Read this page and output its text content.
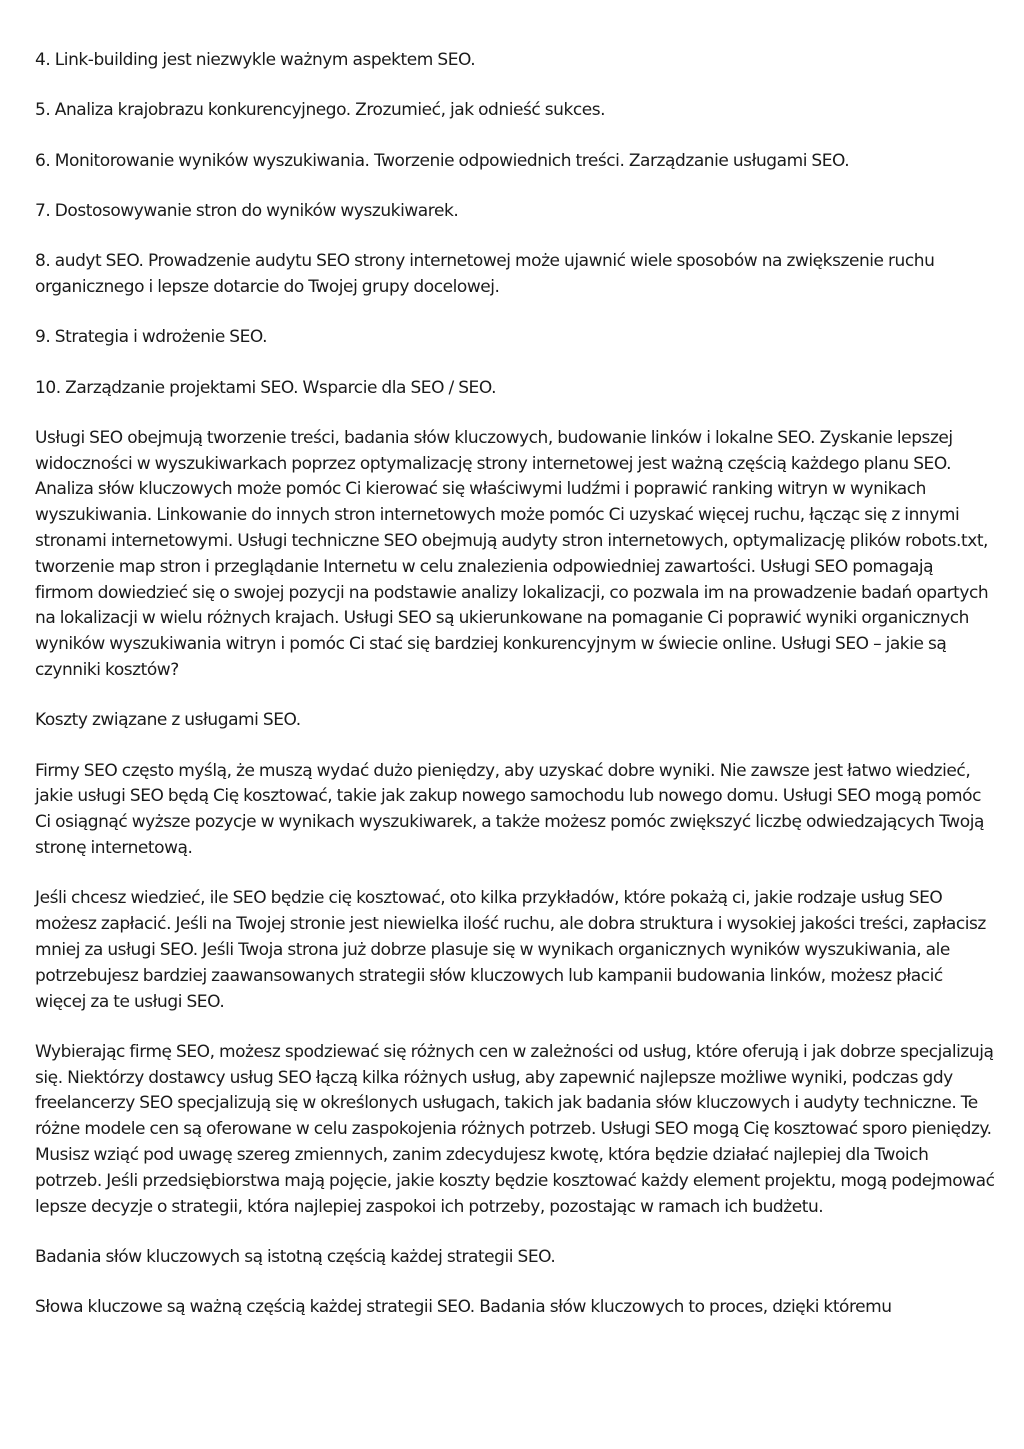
4. Link-building jest niezwykle ważnym aspektem SEO.

5. Analiza krajobrazu konkurencyjnego. Zrozumieć, jak odnieść sukces.

6. Monitorowanie wyników wyszukiwania. Tworzenie odpowiednich treści. Zarządzanie usługami SEO.

7. Dostosowywanie stron do wyników wyszukiwarek.

8. audyt SEO. Prowadzenie audytu SEO strony internetowej może ujawnić wiele sposobów na zwiększenie ruchu organicznego i lepsze dotarcie do Twojej grupy docelowej.

9. Strategia i wdrożenie SEO.

10. Zarządzanie projektami SEO. Wsparcie dla SEO / SEO.

Usługi SEO obejmują tworzenie treści, badania słów kluczowych, budowanie linków i lokalne SEO. Zyskanie lepszej widoczności w wyszukiwarkach poprzez optymalizację strony internetowej jest ważną częścią każdego planu SEO. Analiza słów kluczowych może pomóc Ci kierować się właściwymi ludźmi i poprawić ranking witryn w wynikach wyszukiwania. Linkowanie do innych stron internetowych może pomóc Ci uzyskać więcej ruchu, łącząc się z innymi stronami internetowymi. Usługi techniczne SEO obejmują audyty stron internetowych, optymalizację plików robots.txt, tworzenie map stron i przeglądanie Internetu w celu znalezienia odpowiedniej zawartości. Usługi SEO pomagają firmom dowiedzieć się o swojej pozycji na podstawie analizy lokalizacji, co pozwala im na prowadzenie badań opartych na lokalizacji w wielu różnych krajach. Usługi SEO są ukierunkowane na pomaganie Ci poprawić wyniki organicznych wyników wyszukiwania witryn i pomóc Ci stać się bardziej konkurencyjnym w świecie online. Usługi SEO – jakie są czynniki kosztów?

Koszty związane z usługami SEO.

Firmy SEO często myślą, że muszą wydać dużo pieniędzy, aby uzyskać dobre wyniki. Nie zawsze jest łatwo wiedzieć, jakie usługi SEO będą Cię kosztować, takie jak zakup nowego samochodu lub nowego domu. Usługi SEO mogą pomóc Ci osiągnąć wyższe pozycje w wynikach wyszukiwarek, a także możesz pomóc zwiększyć liczbę odwiedzających Twoją stronę internetową.

Jeśli chcesz wiedzieć, ile SEO będzie cię kosztować, oto kilka przykładów, które pokażą ci, jakie rodzaje usług SEO możesz zapłacić. Jeśli na Twojej stronie jest niewielka ilość ruchu, ale dobra struktura i wysokiej jakości treści, zapłacisz mniej za usługi SEO. Jeśli Twoja strona już dobrze plasuje się w wynikach organicznych wyników wyszukiwania, ale potrzebujesz bardziej zaawansowanych strategii słów kluczowych lub kampanii budowania linków, możesz płacić więcej za te usługi SEO.

Wybierając firmę SEO, możesz spodziewać się różnych cen w zależności od usług, które oferują i jak dobrze specjalizują się. Niektórzy dostawcy usług SEO łączą kilka różnych usług, aby zapewnić najlepsze możliwe wyniki, podczas gdy freelancerzy SEO specjalizują się w określonych usługach, takich jak badania słów kluczowych i audyty techniczne. Te różne modele cen są oferowane w celu zaspokojenia różnych potrzeb. Usługi SEO mogą Cię kosztować sporo pieniędzy. Musisz wziąć pod uwagę szereg zmiennych, zanim zdecydujesz kwotę, która będzie działać najlepiej dla Twoich potrzeb. Jeśli przedsiębiorstwa mają pojęcie, jakie koszty będzie kosztować każdy element projektu, mogą podejmować lepsze decyzje o strategii, która najlepiej zaspokoi ich potrzeby, pozostając w ramach ich budżetu.

Badania słów kluczowych są istotną częścią każdej strategii SEO.

Słowa kluczowe są ważną częścią każdej strategii SEO. Badania słów kluczowych to proces, dzięki któremu
